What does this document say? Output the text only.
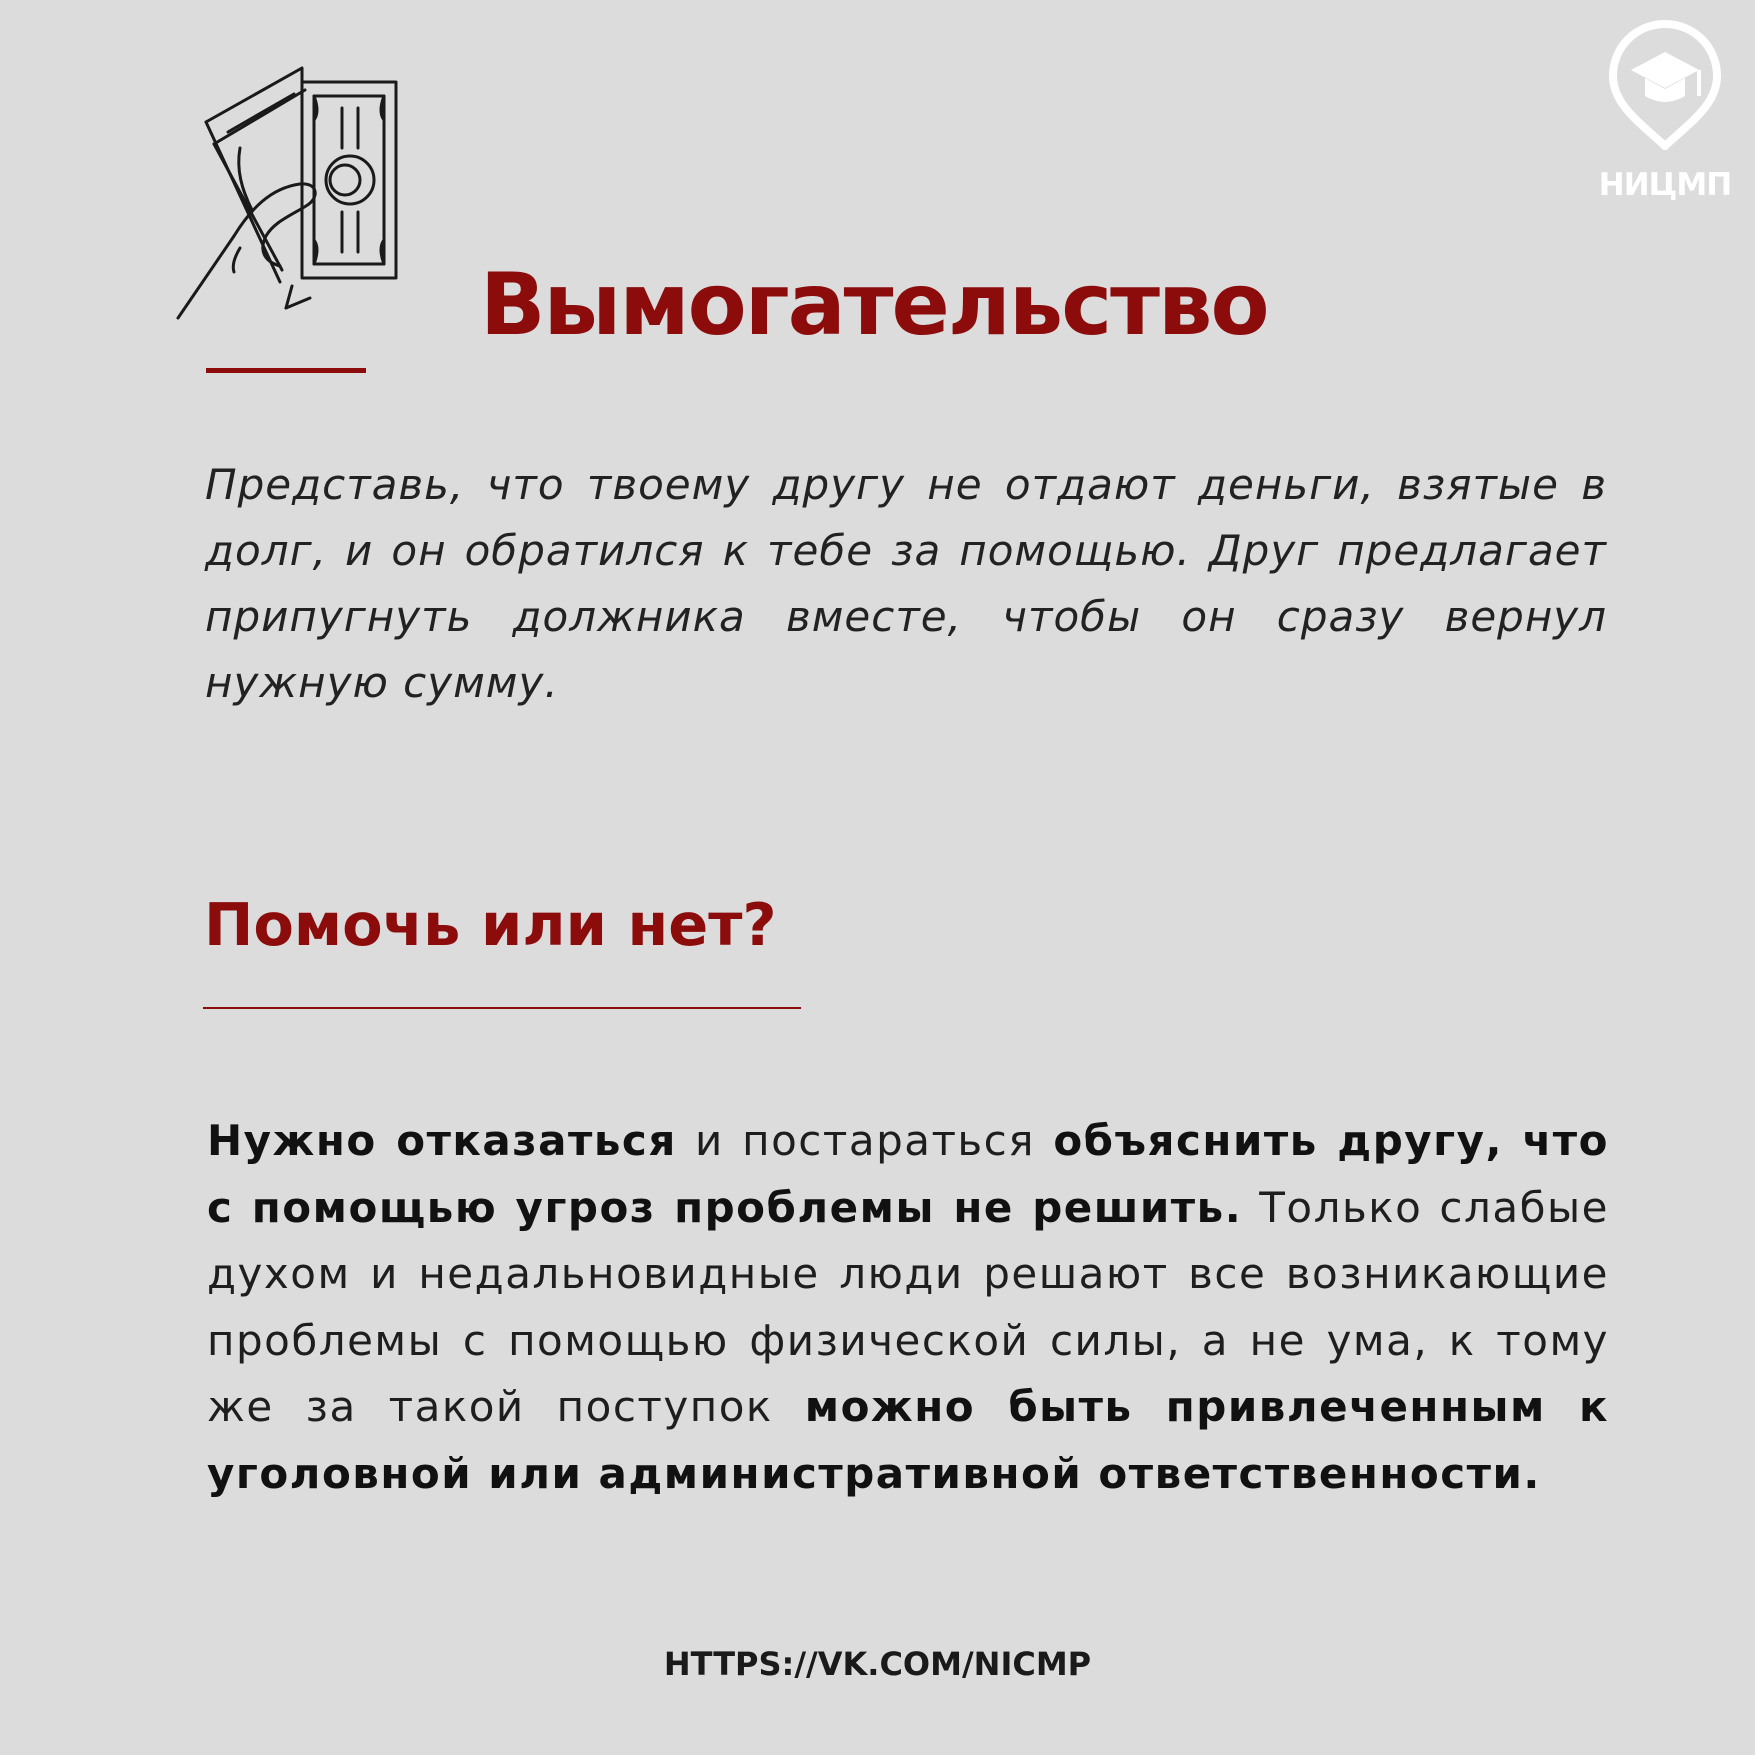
НИЦМП
Вымогательство

Представь, что твоему другу не отдают деньги, взятые в долг, и он обратился к тебе за помощью. Друг предлагает припугнуть должника вместе, чтобы он сразу вернул нужную сумму.

Помочь или нет?

Нужно отказаться и постараться объяснить другу, что с помощью угроз проблемы не решить. Только слабые духом и недальновидные люди решают все возникающие проблемы с помощью физической силы, а не ума, к тому же за такой поступок можно быть привлеченным к уголовной или административной ответственности.

HTTPS://VK.COM/NICMP
